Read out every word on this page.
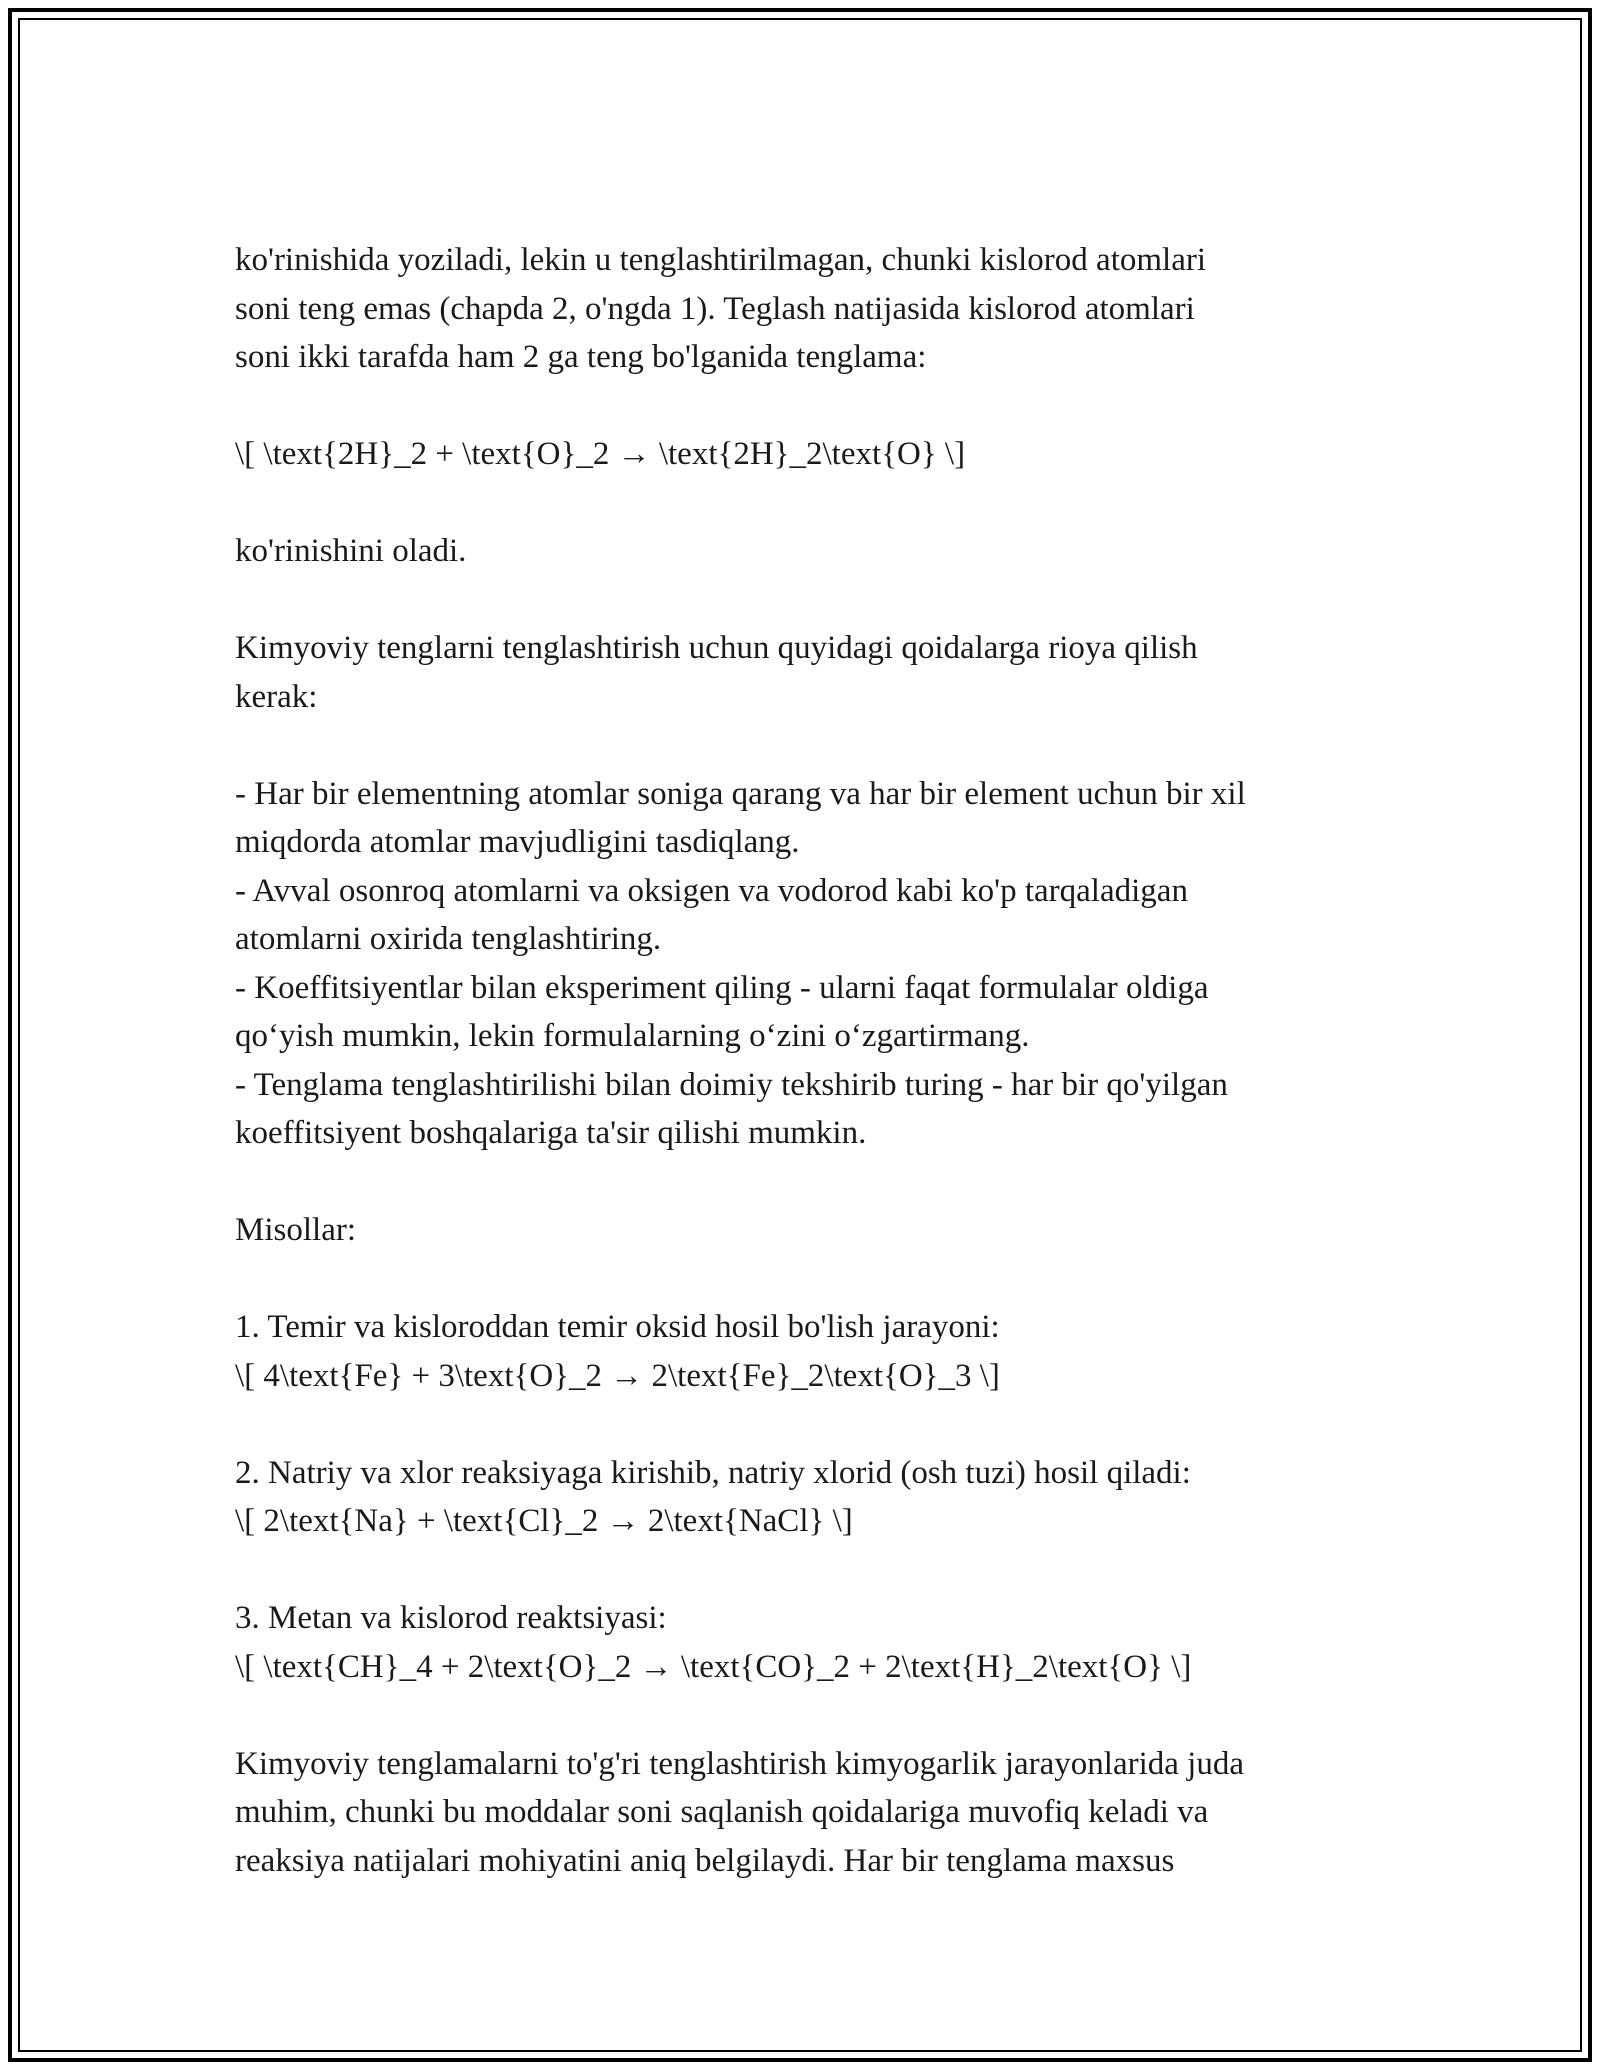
ko'rinishida yoziladi, lekin u tenglashtirilmagan, chunki kislorod atomlari
soni teng emas (chapda 2, o'ngda 1). Teglash natijasida kislorod atomlari
soni ikki tarafda ham 2 ga teng bo'lganida tenglama:
\[ \text{2H}_2 + \text{O}_2 → \text{2H}_2\text{O} \]
ko'rinishini oladi.
Kimyoviy tenglarni tenglashtirish uchun quyidagi qoidalarga rioya qilish
kerak:
- Har bir elementning atomlar soniga qarang va har bir element uchun bir xil
miqdorda atomlar mavjudligini tasdiqlang.
- Avval osonroq atomlarni va oksigen va vodorod kabi ko'p tarqaladigan
atomlarni oxirida tenglashtiring.
- Koeffitsiyentlar bilan eksperiment qiling - ularni faqat formulalar oldiga
qo‘yish mumkin, lekin formulalarning o‘zini o‘zgartirmang.
- Tenglama tenglashtirilishi bilan doimiy tekshirib turing - har bir qo'yilgan
koeffitsiyent boshqalariga ta'sir qilishi mumkin.
Misollar:
1. Temir va kisloroddan temir oksid hosil bo'lish jarayoni:
\[ 4\text{Fe} + 3\text{O}_2 → 2\text{Fe}_2\text{O}_3 \]
2. Natriy va xlor reaksiyaga kirishib, natriy xlorid (osh tuzi) hosil qiladi:
\[ 2\text{Na} + \text{Cl}_2 → 2\text{NaCl} \]
3. Metan va kislorod reaktsiyasi:
\[ \text{CH}_4 + 2\text{O}_2 → \text{CO}_2 + 2\text{H}_2\text{O} \]
Kimyoviy tenglamalarni to'g'ri tenglashtirish kimyogarlik jarayonlarida juda
muhim, chunki bu moddalar soni saqlanish qoidalariga muvofiq keladi va
reaksiya natijalari mohiyatini aniq belgilaydi. Har bir tenglama maxsus
